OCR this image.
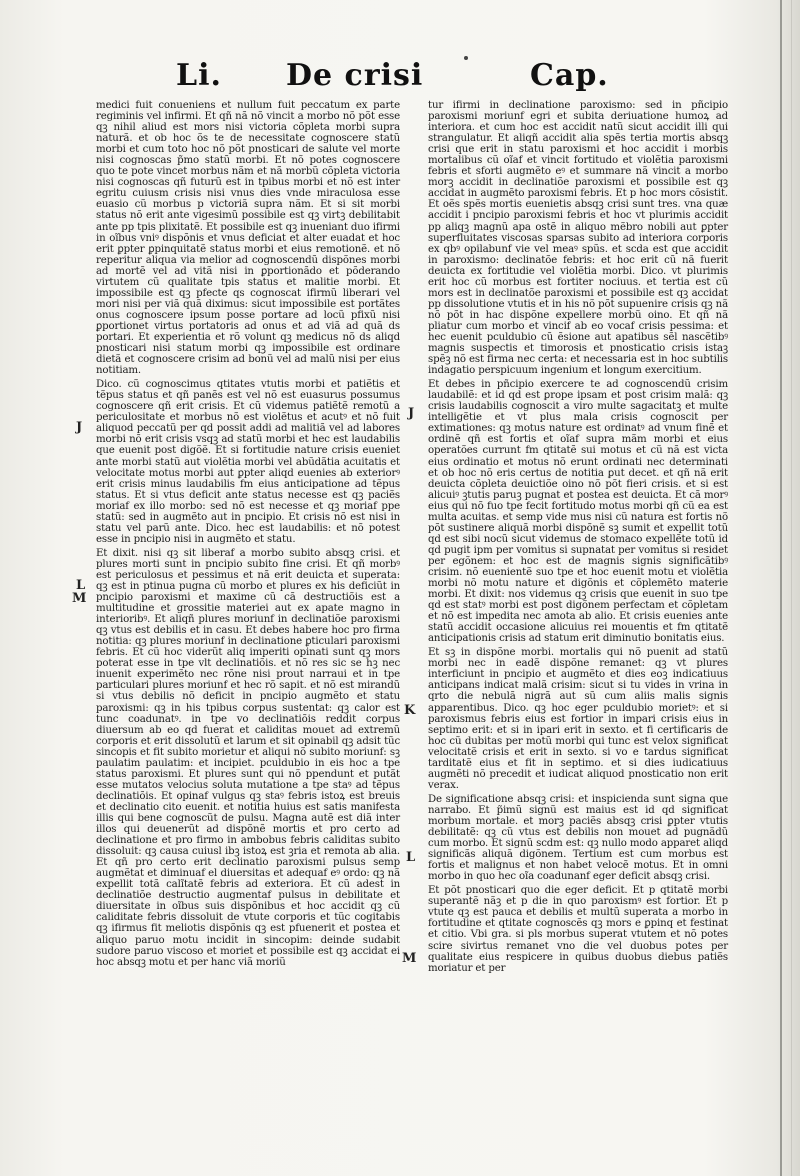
Li. De crisi	Cap.
J
L
M
J
K
L
M

medici fuit conueniens et nullum fuit peccatum ex parte regiminis vel infirmi. Et qñ nã nõ vincit a morbo nõ põt esse qꝫ nihil aliud est mors nisi victoria cõpleta morbi supra naturã. et ob hoc õs te de necessitate cognoscere statũ morbi et cum toto hoc nõ põt pnosticari de salute vel morte nisi cognoscas p̃mo statũ morbi. Et nõ potes cognoscere quo te pote vincet morbus nãm et nã morbũ cõpleta victoria nisi cognoscas qñ futurũ est in tpibus morbi et nõ est inter egritu cuiusm crisis nisi vnus dies vnde miraculosa esse euasio cũ morbus p victoriã supra nãm. Et si sit morbi status nõ erit ante vigesimũ possibile est qꝫ virtꝫ debilitabit ante pp tpis plixitatẽ. Et possibile est qꝫ inueniant duo ifirmi in oĩbus vniꝰ dispõnis et vnus deficiat et alter euadat et hoc erit ꝑpter ꝑpinquitatẽ status morbi et eius remotionẽ. et nõ reperitur aliqua via melior ad cognoscendũ dispõnes morbi ad mortẽ vel ad vitã nisi in ꝑportionãdo et põderando virtutem cũ qualitate tpis status et malitie morbi. Et impossibile est qꝫ pfecte qs cognoscat ifirmũ liberari vel mori nisi per viã quã diximus: sicut impossibile est portãtes onus cognoscere ipsum posse portare ad locũ pfixũ nisi ꝑportionet virtus portatoris ad onus et ad viã ad quã ds portari. Et experientia et rõ volunt qꝫ medicus nõ ds aliqd pnosticari nisi statum morbi qꝫ impossibile est ordinare dietã et cognoscere crisim ad bonũ vel ad malũ nisi per eius notitiam.

Dico. cũ cognoscimus qtitates vtutis morbi et patiẽtis et tẽpus status et qñ panẽs est vel nõ est euasurus possumus cognoscere qñ erit crisis. Et cũ videmus patiẽtẽ remotũ a periculositate et morbus nõ est violẽtus et acutꝰ et nõ fuit aliquod peccatũ per qd possit addi ad malitiã vel ad labores morbi nõ erit crisis vsqꝫ ad statũ morbi et hec est laudabilis que euenit post digõẽ. Et si fortitudie nature crisis eueniet ante morbi statũ aut violẽtia morbi vel abũdãtia acuitatis et velocitate motus morbi aut ꝑpter aliqd euenies ab exteriorꝰ erit crisis minus laudabilis fm eius anticipatione ad tẽpus status. Et si vtus deficit ante status necesse est qꝫ paciẽs moriaf ex illo morbo: sed nõ est necesse et qꝫ moriaf ppe statũ: sed in augmẽto aut in pncipio. Et crisis nõ est nisi in statu vel parũ ante. Dico. hec est laudabilis: et nõ potest esse in pncipio nisi in augmẽto et statu.

Et dixit. nisi qꝫ sit liberaf a morbo subito absqꝫ crisi. et plures morti sunt in pncipio subito fine crisi. Et qñ morbꝰ est periculosus et pessimus et nã erit deuicta et superata: qꝫ est in ptinua pugna cũ morbo et plures ex his deficiũt in pncipio paroxismi et maxime cũ cã destructiõis est a multitudine et grossitie materiei aut ex apate magno in interioribꝰ. Et aliqñ plures moriunf in declinatiõe paroxismi qꝫ vtus est debilis et in casu. Et debes habere hoc pro firma notitia: qꝫ plures moriunf in declinatione ꝑticulari paroxismi febris. Et cũ hoc viderũt aliq imperiti opinati sunt qꝫ mors poterat esse in tpe vlt declinatiõis. et nõ res sic se hꝫ nec inuenit experimẽto nec rõne nisi prout narraui et in tpe particulari plures moriunf et hec rõ sapit. et nõ est mirandũ si vtus debilis nõ deficit in pncipio augmẽto et statu paroxismi: qꝫ in his tpibus corpus sustentat: qꝫ calor est tunc coadunatꝰ. in tpe vo declinatiõis reddit corpus diuersum ab eo qd fuerat et caliditas mouet ad extremũ corporis et erit dissolutũ et larum et sit opinabil qꝫ adsit tũc sincopis et fit subito morietur et aliqui nõ subito moriunf: sꝫ paulatim paulatim: et incipiet. pculdubio in eis hoc a tpe status paroxismi. Et plures sunt qui nõ ppendunt et putãt esse mutatos velocius soluta mutatione a tpe staꝰ ad tẽpus declinatiõis. Et opinaf vulgus qꝫ staꝰ febris istoꝝ est breuis et declinatio cito euenit. et notitia huius est satis manifesta illis qui bene cognoscũt de pulsu. Magna autẽ est diã inter illos qui deuenerũt ad dispõnẽ mortis et pro certo ad declinatione et pro firmo in ambobus febris caliditas subito dissoluit: qꝫ causa cuiusl ibꝫ istoꝝ est ꝫria et remota ab alia. Et qñ pro certo erit declinatio paroxismi pulsus semp augmẽtat et diminuaf el diuersitas et adequaf eꝰ ordo: qꝫ nã expellit totã calĩtatẽ febris ad exteriora. Et cũ adest in declinatiõe destructio augmentaf pulsus in debilitate et diuersitate in oĩbus suis dispõnibus et hoc accidit qꝫ cũ caliditate febris dissoluit de vtute corporis et tũc cogitabis qꝫ ifirmus fit meliotis dispõnis qꝫ est pfuenerit et postea et aliquo paruo motu incidit in sincopim: deinde sudabit sudore paruo viscoso et moriet et possibile est qꝫ accidat ei hoc absqꝫ motu et per hanc viã moriũ

tur ifirmi in declinatione paroxismo: sed in pñcipio paroxismi moriunf egri et subita deriuatione humoꝝ ad interiora. et cum hoc est accidit natũ sicut accidit illi qui strangulatur. Et aliqñ accidit alia spẽs tertia mortis absqꝫ crisi que erit in statu paroxismi et hoc accidit i morbis mortalibus cũ oĩaf et vincit fortitudo et violẽtia paroxismi febris et sforti augmẽto eꝰ et summare nã vincit a morbo morꝫ accidit in declinatiõe paroxismi et possibile est qꝫ accidat in augmẽto paroxismi febris. Et p hoc mors cõsistit. Et oẽs spẽs mortis euenietis absqꝫ crisi sunt tres. vna quæ accidit i pncipio paroxismi febris et hoc vt plurimis accidit pp aliqꝫ magnũ apa ostẽ in aliquo mẽbro nobili aut ꝑpter superfluitates viscosas sparsas subito ad interiora corporis ex qbꝰ opilabunf vie vel meaꝰ spũs. et scda est que accidit in paroxismo: declinatõe febris: et hoc erit cũ nã fuerit deuicta ex fortitudie vel violẽtia morbi. Dico. vt plurimis erit hoc cũ morbus est fortiter nociuus. et tertia est cũ mors est in declinatõe paroxismi et possibile est qꝫ accidat pp dissolutione vtutis et in his nõ põt supuenire crisis qꝫ nã nõ põt in hac dispõne expellere morbũ oino. Et qñ nã pliatur cum morbo et vincif ab eo vocaf crisis pessima: et hec euenit pculdubio cũ ẽsione aut apatibus sẽl nascẽtibꝰ magnis suspectis et timorosis et pnosticatio crisis istaꝫ spẽꝫ nõ est firma nec certa: et necessaria est in hoc subtilis indagatio perspicuum ingenium et longum exercitium.

Et debes in pñcipio exercere te ad cognoscendũ crisim laudabilẽ: et id qd est ꝑrope ipsam et post crisim malã: qꝫ crisis laudabilis cognoscit a viro multe sagacitatꝫ et multe intelligẽtie et vt plus mala crisis cognoscit per extimationes: qꝫ motus nature est ordinatꝰ ad vnum finẽ et ordinẽ qñ est fortis et oĩaf supra mãm morbi et eius operatões currunt fm qtitatẽ sui motus et cũ nã est victa eius ordinatio et motus nõ erunt ordinati nec determinati et ob hoc nõ eris certus de notitia ꝑut decet. et qñ nã erit deuicta cõpleta deuictiõe oino nõ põt fieri crisis. et si est alicuiꝰ ꝫtutis paruꝫ pugnat et postea est deuicta. Et cã morꝰ eius qui nõ fuo tpe fecit fortitudo motus morbi qñ cũ ea est multa acuitas. et semp vide mus nisi cũ natura est fortis nõ põt sustinere aliquã morbi dispõnẽ sꝫ sumit et expellit totũ qd est sibi nocũ sicut videmus de stomaco expellẽte totũ id qd pugit ipm per vomitus si supnatat per vomitus si residet per egõnem: et hoc est de magnis signis significãtibꝰ crisim. nõ euenientẽ suo tpe et hoc euenit motu et violẽtia morbi nõ motu nature et digõnis et cõplemẽto materie morbi. Et dixit: nos videmus qꝫ crisis que euenit in suo tpe qd est statꝰ morbi est post digõnem perfectam et cõpletam et nõ est impedita nec amota ab alio. Et crisis euenies ante statũ accidit occasione alicuius rei mouentis et fm qtitatẽ anticipationis crisis ad statum erit diminutio bonitatis eius.

Et sꝫ in dispõne morbi. mortalis qui nõ puenit ad statũ morbi nec in eadẽ dispõne remanet: qꝫ vt plures interficiunt in pncipio et augmẽto et dies eoꝫ indicatiuus anticipans indicat malã crisim: sicut si tu vides in vrina in qrto die nebulã nigrã aut sũ cum aliis malis signis apparentibus. Dico. qꝫ hoc eger pculdubio morietꝰ: et si paroxismus febris eius est fortior in impari crisis eius in septimo erit: et si in ipari erit in sexto. et fi certificaris de hoc cũ dubitas per motũ morbi qui tunc est velox significat velocitatẽ crisis et erit in sexto. si vo e tardus significat tarditatẽ eius et fit in septimo. et si dies iudicatiuus augmẽti nõ precedit et iudicat aliquod pnosticatio non erit verax.

De significatione absqꝫ crisi: et inspicienda sunt signa que narrabo. Et p̃imũ signũ est maius est id qd significat morbum mortale. et morꝫ paciẽs absqꝫ crisi ꝑpter vtutis debilitatẽ: qꝫ cũ vtus est debilis non mouet ad pugnãdũ cum morbo. Et signũ scdm est: qꝫ nullo modo apparet aliqd significãs aliquã digõnem. Tertium est cum morbus est fortis et malignus et non habet velocẽ motus. Et in omni morbo in quo hec oĩa coadunanf eger deficit absqꝫ crisi.

Et põt pnosticari quo die eger deficit. Et p qtitatẽ morbi superantẽ nãꝫ et p die in quo paroxismꝰ est fortior. Et p vtute qꝫ est pauca et debilis et multũ superata a morbo in fortitudine et qtitate cognoscẽs qꝫ mors e ꝑpinq et festinat et citio. Vbi gra. si pls morbus superat vtutem et nõ potes scire sivirtus remanet vno die vel duobus potes per qualitate eius respicere in quibus duobus diebus patiẽs moriatur et per
